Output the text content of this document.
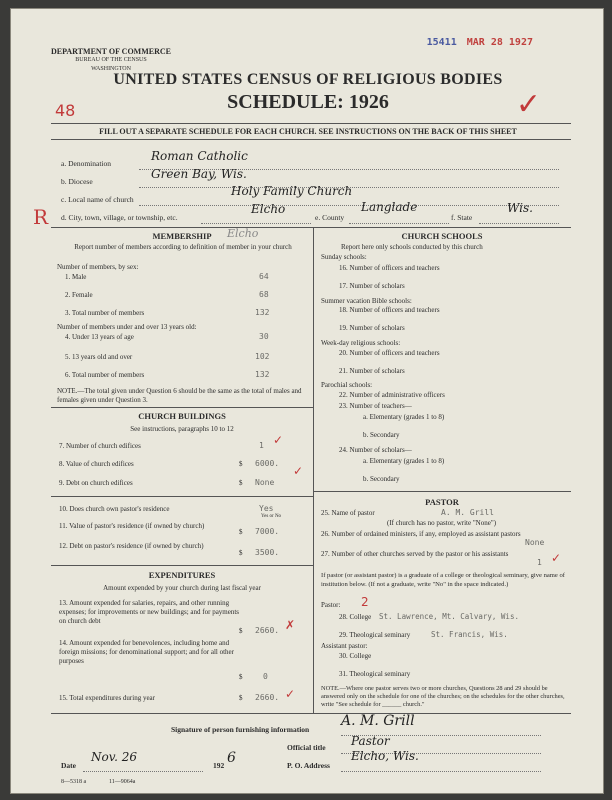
DEPARTMENT OF COMMERCE
BUREAU OF THE CENSUS
WASHINGTON
15411 MAR 28 1927
✓
48
UNITED STATES CENSUS OF RELIGIOUS BODIES
SCHEDULE: 1926
FILL OUT A SEPARATE SCHEDULE FOR EACH CHURCH. SEE INSTRUCTIONS ON THE BACK OF THIS SHEET
a. Denomination
Roman Catholic
b. Diocese
Green Bay, Wis.
c. Local name of church
Holy Family Church
R d. City, town, village, or township, etc.
Elcho
e. County
Langlade
f. State
Wis.
MEMBERSHIP	Elcho
Report number of members according to definition of member in your church
Number of members, by sex:
1. Male	64
2. Female	68
3. Total number of members	132
Number of members under and over 13 years old:
4. Under 13 years of age	30
5. 13 years old and over	102
6. Total number of members	132
NOTE.—The total given under Question 6 should be the same as the total of males and females given under Question 3.
CHURCH BUILDINGS
See instructions, paragraphs 10 to 12
7. Number of church edifices	1
8. Value of church edifices	$ 6000.
9. Debt on church edifices	$ None
10. Does church own pastor's residence	Yes
Yes or No
11. Value of pastor's residence (if owned by church)
$ 7000.
12. Debt on pastor's residence (if owned by church)
$ 3500.
EXPENDITURES
Amount expended by your church during last fiscal year
13. Amount expended for salaries, repairs, and other running expenses; for improvements or new buildings; and for payments on church debt
$ 2660.
14. Amount expended for benevolences, including home and foreign missions; for denominational support; and for all other purposes
$	0
15. Total expenditures during year	$ 2660.
CHURCH SCHOOLS
Report here only schools conducted by this church
Sunday schools:
16. Number of officers and teachers
17. Number of scholars
Summer vacation Bible schools:
18. Number of officers and teachers
19. Number of scholars
Week-day religious schools:
20. Number of officers and teachers
21. Number of scholars
Parochial schools:
22. Number of administrative officers
23. Number of teachers—
a. Elementary (grades 1 to 8)
b. Secondary
24. Number of scholars—
a. Elementary (grades 1 to 8)
b. Secondary
PASTOR
25. Name of pastor	A. M. Grill
(If church has no pastor, write "None")
26. Number of ordained ministers, if any, employed as assistant pastors
None
27. Number of other churches served by the pastor or his assistants
1
If pastor (or assistant pastor) is a graduate of a college or theological seminary, give name of institution below. (If not a graduate, write "No" in the space indicated.)
Pastor: 2
28. College St. Lawrence, Mt. Calvary, Wis.
29. Theological seminary	St. Francis, Wis.
Assistant pastor:
30. College
31. Theological seminary
NOTE.—Where one pastor serves two or more churches, Questions 28 and 29 should be answered only on the schedule for one of the churches; on the schedules for the other churches, write "See schedule for ______ church."
Signature of person furnishing information
A. M. Grill
Official title Pastor
Date
Nov. 26
192 6	P. O. Address
Elcho, Wis.
8—5318 a	11—9064a
✓
✓
✗
✓
✓
